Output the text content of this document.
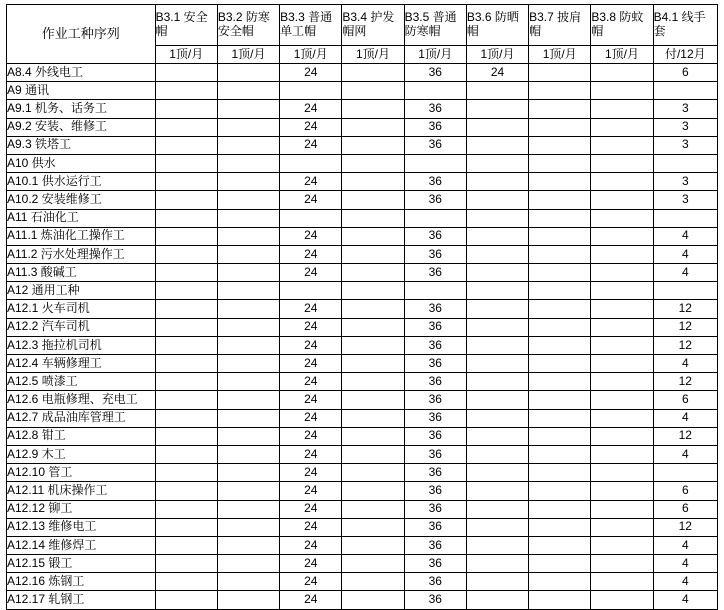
作业工种序列	B3.1 安全帽	B3.2 防寒安全帽	B3.3 普通单工帽	B3.4 护发帽网	B3.5 普通防寒帽	B3.6 防晒帽	B3.7 披肩帽	B3.8 防蚊帽	B4.1 线手套
	1顶/月	1顶/月	1顶/月	1顶/月	1顶/月	1顶/月	1顶/月	1顶/月	付/12月
A8.4 外线电工			24		36	24			6
A9 通讯									
A9.1 机务、话务工			24		36				3
A9.2 安装、维修工			24		36				3
A9.3 铁塔工			24		36				3
A10 供水									
A10.1 供水运行工			24		36				3
A10.2 安装维修工			24		36				3
A11 石油化工									
A11.1 炼油化工操作工			24		36				4
A11.2 污水处理操作工			24		36				4
A11.3 酸碱工			24		36				4
A12 通用工种									
A12.1 火车司机			24		36				12
A12.2 汽车司机			24		36				12
A12.3 拖拉机司机			24		36				12
A12.4 车辆修理工			24		36				4
A12.5 喷漆工			24		36				12
A12.6 电瓶修理、充电工			24		36				6
A12.7 成品油库管理工			24		36				4
A12.8 钳工			24		36				12
A12.9 木工			24		36				4
A12.10 管工			24		36				
A12.11 机床操作工			24		36				6
A12.12 铆工			24		36				6
A12.13 维修电工			24		36				12
A12.14 维修焊工			24		36				4
A12.15 锻工			24		36				4
A12.16 炼钢工			24		36				4
A12.17 轧钢工			24		36				4
